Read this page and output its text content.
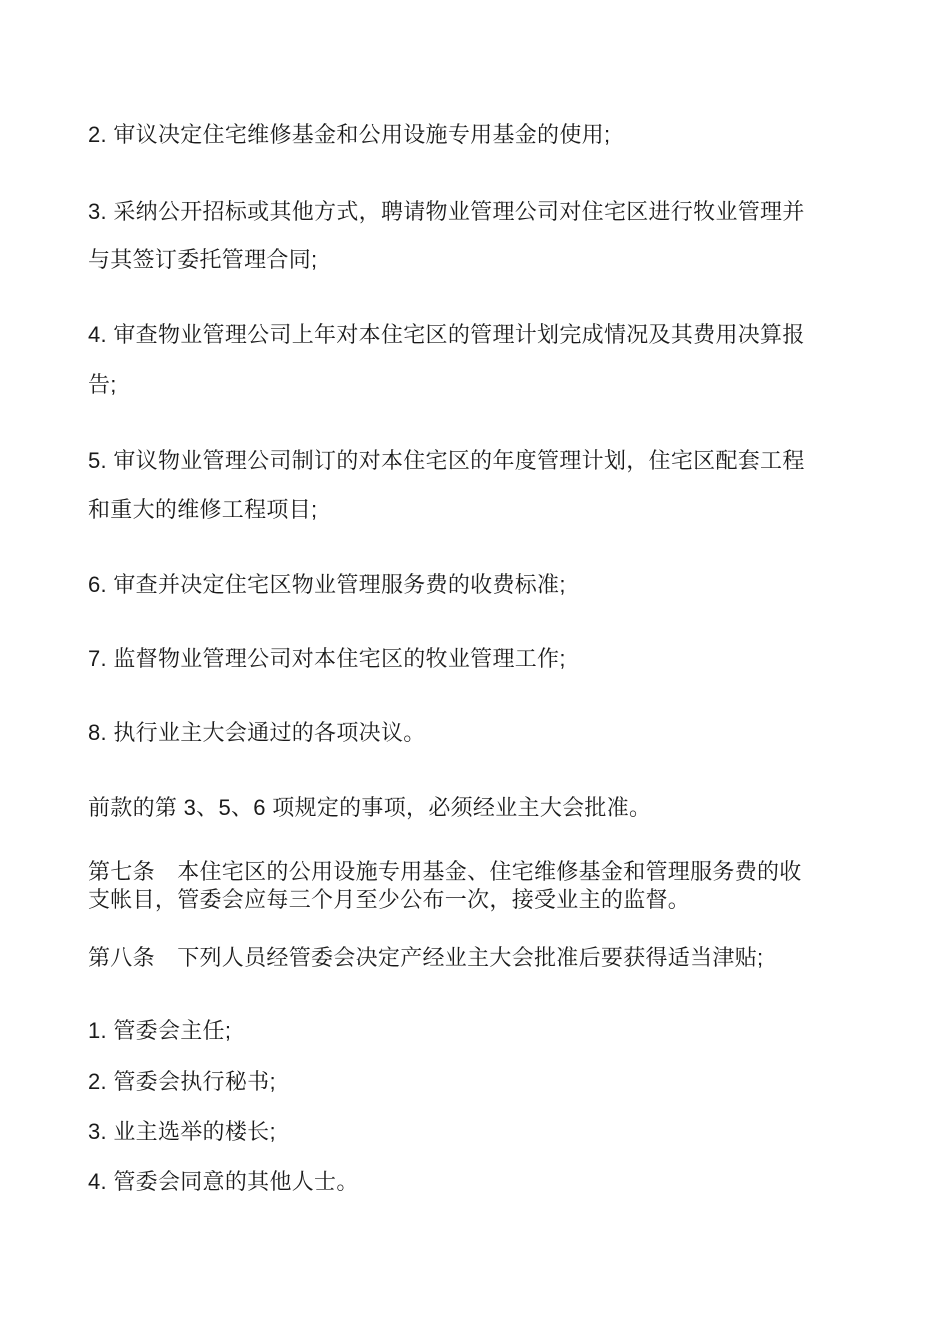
2. 审议决定住宅维修基金和公用设施专用基金的使用;
3. 采纳公开招标或其他方式，聘请物业管理公司对住宅区进行牧业管理并
与其签订委托管理合同;
4. 审查物业管理公司上年对本住宅区的管理计划完成情况及其费用决算报
告;
5. 审议物业管理公司制订的对本住宅区的年度管理计划，住宅区配套工程
和重大的维修工程项目;
6. 审查并决定住宅区物业管理服务费的收费标准;
7. 监督物业管理公司对本住宅区的牧业管理工作;
8. 执行业主大会通过的各项决议。
前款的第 3、5、6 项规定的事项，必须经业主大会批准。
第七条　本住宅区的公用设施专用基金、住宅维修基金和管理服务费的收
支帐目，管委会应每三个月至少公布一次，接受业主的监督。
第八条　下列人员经管委会决定产经业主大会批准后要获得适当津贴;
1. 管委会主任;
2. 管委会执行秘书;
3. 业主选举的楼长;
4. 管委会同意的其他人士。
